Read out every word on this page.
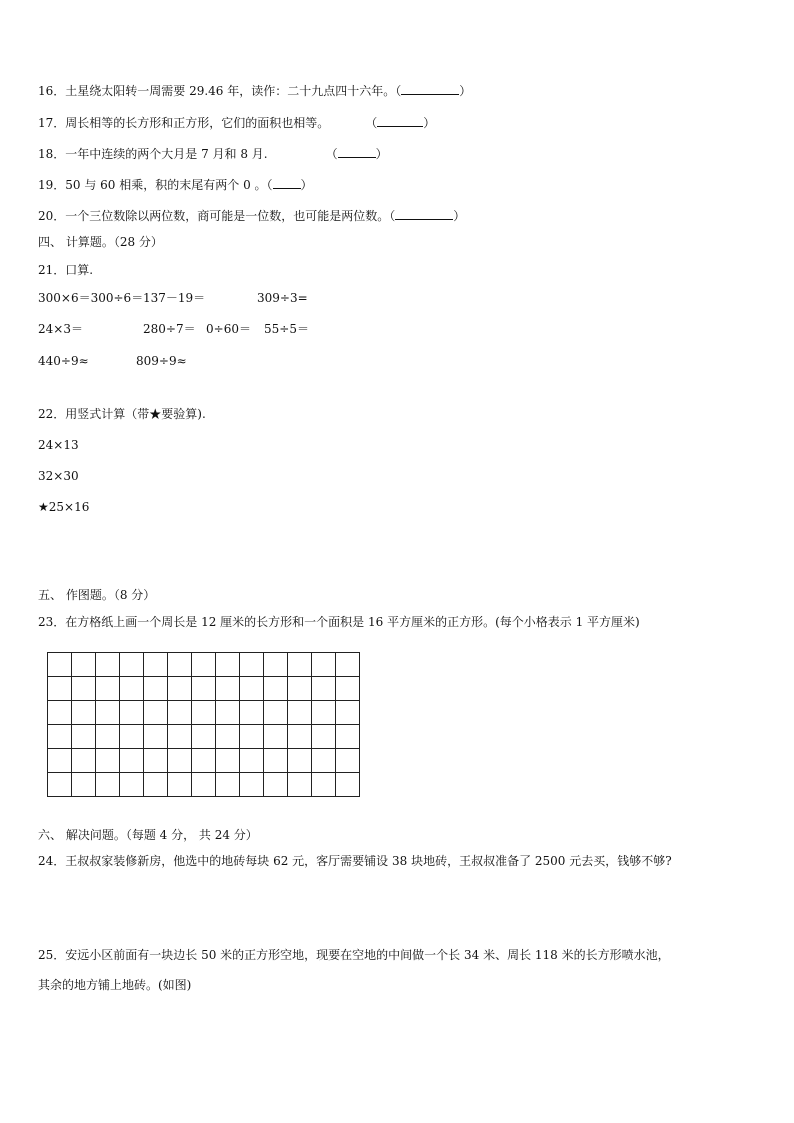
16．土星绕太阳转一周需要 29.46 年，读作：二十九点四十六年。（	）
17．周长相等的长方形和正方形，它们的面积也相等。	（	）
18．一年中连续的两个大月是 7 月和 8 月.	（	）
19．50 与 60 相乘，积的末尾有两个 0 。（ ）
20．一个三位数除以两位数，商可能是一位数，也可能是两位数。（	）
四、 计算题。（28 分）
21．口算.
300×6＝300÷6＝ 137－19＝	309÷3=
24×3＝	280÷7＝ 0÷60＝ 55÷5＝
440÷9≈	809÷9≈
22．用竖式计算（带★要验算).
24×13
32×30
★25×16
五、 作图题。（8 分）
23．在方格纸上画一个周长是 12 厘米的长方形和一个面积是 16 平方厘米的正方形。(每个小格表示 1 平方厘米)

六、 解决问题。（每题 4 分， 共 24 分）
24．王叔叔家装修新房，他选中的地砖每块 62 元，客厅需要铺设 38 块地砖，王叔叔准备了 2500 元去买，钱够不够?
25．安远小区前面有一块边长 50 米的正方形空地，现要在空地的中间做一个长 34 米、周长 118 米的长方形喷水池，
其余的地方铺上地砖。(如图)
